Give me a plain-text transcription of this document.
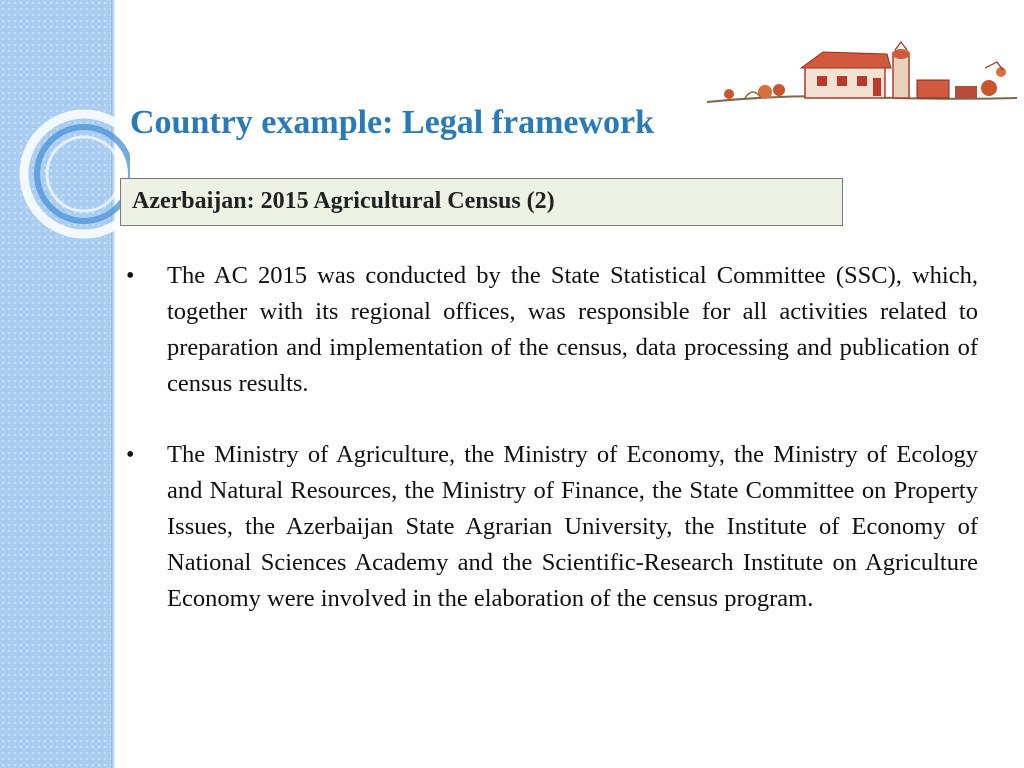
Country example: Legal framework
Azerbaijan: 2015 Agricultural Census (2)
• The AC 2015 was conducted by the State Statistical Committee (SSC), which, together with its regional offices, was responsible for all activities related to preparation and implementation of the census, data processing and publication of census results.

• The Ministry of Agriculture, the Ministry of Economy, the Ministry of Ecology and Natural Resources, the Ministry of Finance, the State Committee on Property Issues, the Azerbaijan State Agrarian University, the Institute of Economy of National Sciences Academy and the Scientific-Research Institute on Agriculture Economy were involved in the elaboration of the census program.
